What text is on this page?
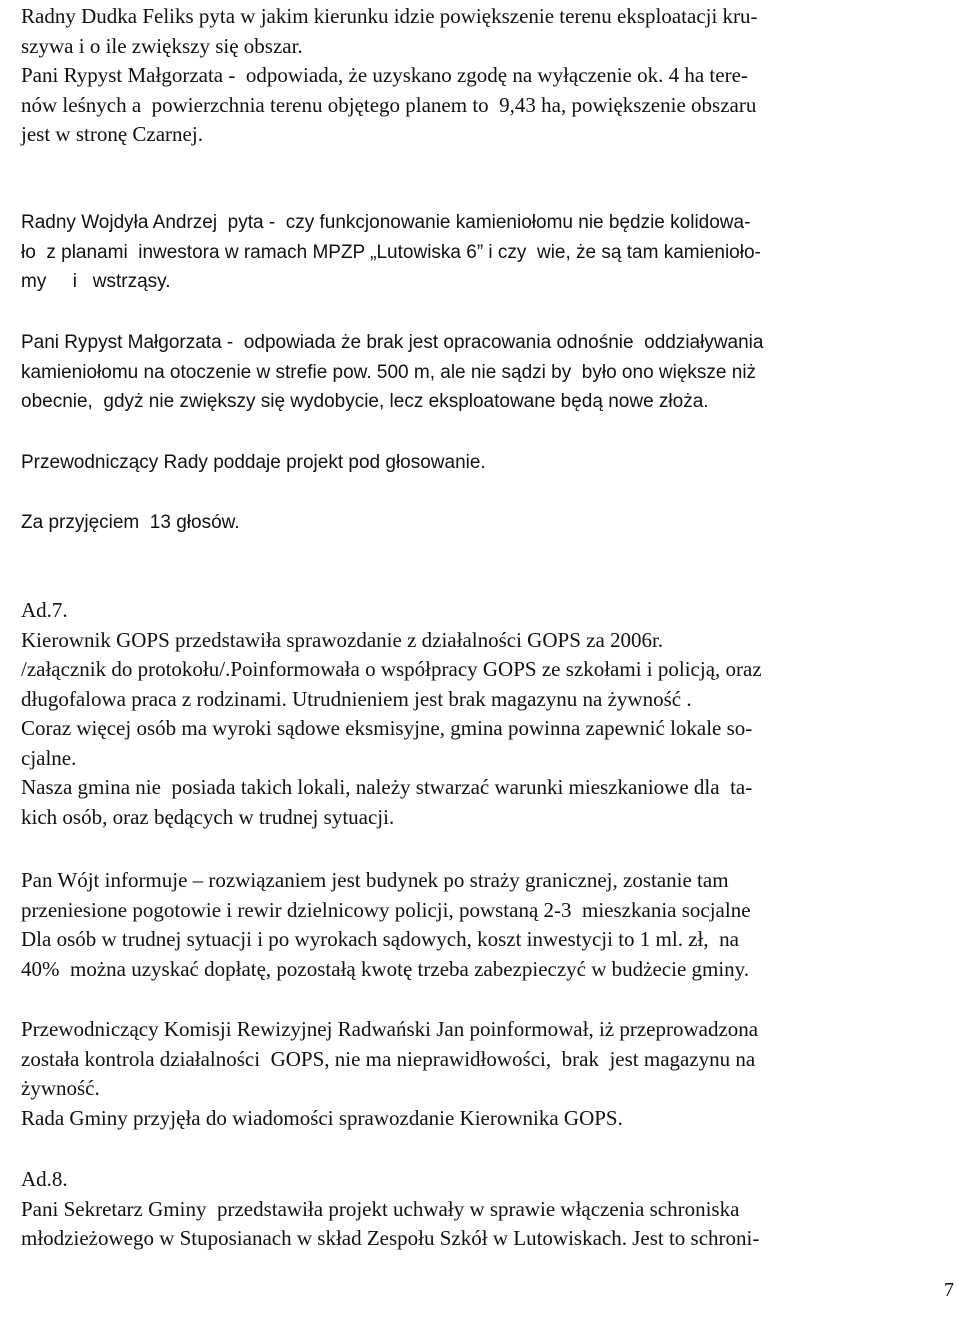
Radny Dudka Feliks pyta w jakim kierunku idzie powiększenie terenu eksploatacji kru-
szywa i o ile zwiększy się obszar.
Pani Rypyst Małgorzata -  odpowiada, że uzyskano zgodę na wyłączenie ok. 4 ha tere-
nów leśnych a  powierzchnia terenu objętego planem to  9,43 ha, powiększenie obszaru
jest w stronę Czarnej.
Radny Wojdyła Andrzej  pyta -  czy funkcjonowanie kamieniołomu nie będzie kolidowa-
ło  z planami  inwestora w ramach MPZP „Lutowiska 6” i czy  wie, że są tam kamienioło-
my     i   wstrząsy.
Pani Rypyst Małgorzata -  odpowiada że brak jest opracowania odnośnie  oddziaływania
kamieniołomu na otoczenie w strefie pow. 500 m, ale nie sądzi by  było ono większe niż
obecnie,  gdyż nie zwiększy się wydobycie, lecz eksploatowane będą nowe złoża.
Przewodniczący Rady poddaje projekt pod głosowanie.
Za przyjęciem  13 głosów.
Ad.7.
Kierownik GOPS przedstawiła sprawozdanie z działalności GOPS za 2006r.
/załącznik do protokołu/.Poinformowała o współpracy GOPS ze szkołami i policją, oraz
długofalowa praca z rodzinami. Utrudnieniem jest brak magazynu na żywność .
Coraz więcej osób ma wyroki sądowe eksmisyjne, gmina powinna zapewnić lokale so-
cjalne.
Nasza gmina nie  posiada takich lokali, należy stwarzać warunki mieszkaniowe dla  ta-
kich osób, oraz będących w trudnej sytuacji.
Pan Wójt informuje – rozwiązaniem jest budynek po straży granicznej, zostanie tam
przeniesione pogotowie i rewir dzielnicowy policji, powstaną 2-3  mieszkania socjalne
Dla osób w trudnej sytuacji i po wyrokach sądowych, koszt inwestycji to 1 ml. zł,  na
40%  można uzyskać dopłatę, pozostałą kwotę trzeba zabezpieczyć w budżecie gminy.
Przewodniczący Komisji Rewizyjnej Radwański Jan poinformował, iż przeprowadzona
została kontrola działalności  GOPS, nie ma nieprawidłowości,  brak  jest magazynu na
żywność.
Rada Gminy przyjęła do wiadomości sprawozdanie Kierownika GOPS.
Ad.8.
Pani Sekretarz Gminy  przedstawiła projekt uchwały w sprawie włączenia schroniska
młodzieżowego w Stuposianach w skład Zespołu Szkół w Lutowiskach. Jest to schroni-
7
